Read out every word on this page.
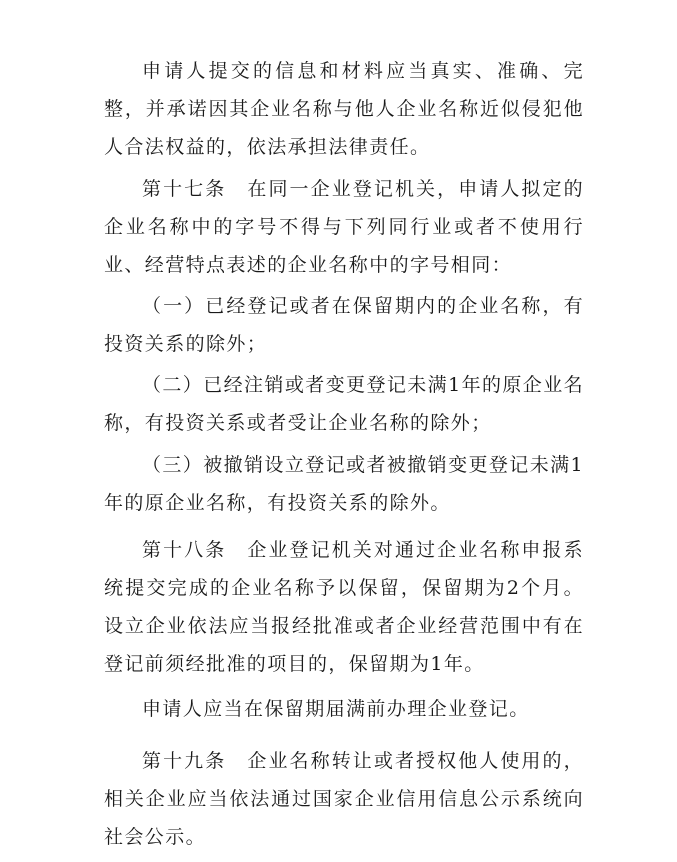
申请人提交的信息和材料应当真实、准确、完整，并承诺因其企业名称与他人企业名称近似侵犯他人合法权益的，依法承担法律责任。

第十七条　在同一企业登记机关，申请人拟定的企业名称中的字号不得与下列同行业或者不使用行业、经营特点表述的企业名称中的字号相同：

（一）已经登记或者在保留期内的企业名称，有投资关系的除外；

（二）已经注销或者变更登记未满1年的原企业名称，有投资关系或者受让企业名称的除外；

（三）被撤销设立登记或者被撤销变更登记未满1年的原企业名称，有投资关系的除外。

第十八条　企业登记机关对通过企业名称申报系统提交完成的企业名称予以保留，保留期为2个月。设立企业依法应当报经批准或者企业经营范围中有在登记前须经批准的项目的，保留期为1年。

申请人应当在保留期届满前办理企业登记。

第十九条　企业名称转让或者授权他人使用的，相关企业应当依法通过国家企业信用信息公示系统向社会公示。
